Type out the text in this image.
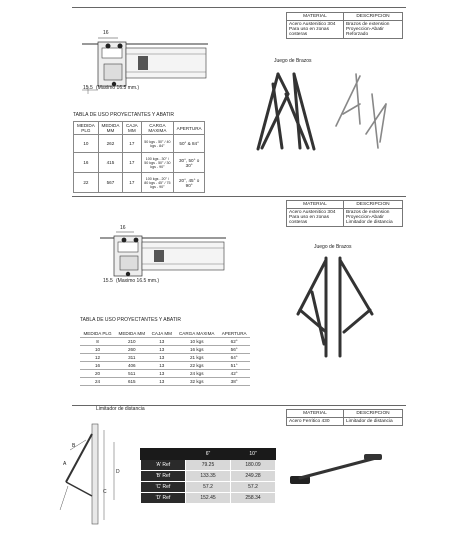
MATERIAL	DESCRIPCION
Acero Austenitico 304 Para uso en zonas costeras	Brazos de extension Proyeccion-Abatir Reforzado
16
15.5 (Maximo 16.5 mm.)
Juego de Brazos
TABLA DE USO PROYECTANTES Y ABATIR
MEDIDA PLG	MEDIDA MM	CAJA MM	CARGA MAXIMA	APERTURA
10	262	17	50 kgs - 50° / 40 kgs - 84°	50° & 84°
16	415	17	100 kgs - 30° / 50 kgs - 50° / 30 kgs - 90°	30°, 50° o 30°
22	567	17	100 kgs - 20° / 80 kgs - 45° / 75 kgs - 90°	20°, 45° o 90°
MATERIAL	DESCRIPCION
Acero Austenitico 304 Para uso en zonas costeras	Brazos de extension Proyeccion-Abatir Limitador de distancia
16
15.5 (Maximo 16.5 mm.)
Juego de Brazos
TABLA DE USO PROYECTANTES Y ABATIR
MEDIDA PLG	MEDIDA MM	CAJA MM	CARGA MAXIMA	APERTURA
8	210	13	10 kgs	62°
10	260	13	16 kgs	56°
12	311	13	21 kgs	64°
16	406	13	22 kgs	51°
20	511	13	24 kgs	42°
24	615	13	32 kgs	38°
Limitador de distancia
MATERIAL	DESCRIPCION
Acero Ferritico 430	Limitador de distancia
A
B
C
D
	6"	10"
'A' Ref	79.25	180.09
'B' Ref	133.35	249.28
'C' Ref	57.2	57.2
'D' Ref	152.45	258.34
